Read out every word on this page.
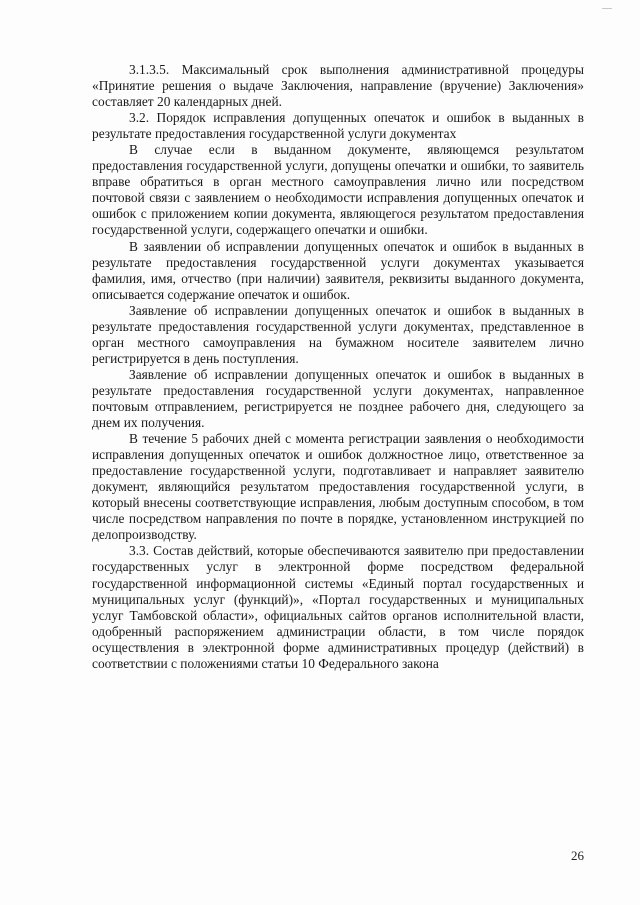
3.1.3.5. Максимальный срок выполнения административной процедуры «Принятие решения о выдаче Заключения, направление (вручение) Заключения» составляет 20 календарных дней.

3.2. Порядок исправления допущенных опечаток и ошибок в выданных в результате предоставления государственной услуги документах

В случае если в выданном документе, являющемся результатом предоставления государственной услуги, допущены опечатки и ошибки, то заявитель вправе обратиться в орган местного самоуправления лично или посредством почтовой связи с заявлением о необходимости исправления допущенных опечаток и ошибок с приложением копии документа, являющегося результатом предоставления государственной услуги, содержащего опечатки и ошибки.

В заявлении об исправлении допущенных опечаток и ошибок в выданных в результате предоставления государственной услуги документах указывается фамилия, имя, отчество (при наличии) заявителя, реквизиты выданного документа, описывается содержание опечаток и ошибок.

Заявление об исправлении допущенных опечаток и ошибок в выданных в результате предоставления государственной услуги документах, представленное в орган местного самоуправления на бумажном носителе заявителем лично регистрируется в день поступления.

Заявление об исправлении допущенных опечаток и ошибок в выданных в результате предоставления государственной услуги документах, направленное почтовым отправлением, регистрируется не позднее рабочего дня, следующего за днем их получения.

В течение 5 рабочих дней с момента регистрации заявления о необходимости исправления допущенных опечаток и ошибок должностное лицо, ответственное за предоставление государственной услуги, подготавливает и направляет заявителю документ, являющийся результатом предоставления государственной услуги, в который внесены соответствующие исправления, любым доступным способом, в том числе посредством направления по почте в порядке, установленном инструкцией по делопроизводству.

3.3. Состав действий, которые обеспечиваются заявителю при предоставлении государственных услуг в электронной форме посредством федеральной государственной информационной системы «Единый портал государственных и муниципальных услуг (функций)», «Портал государственных и муниципальных услуг Тамбовской области», официальных сайтов органов исполнительной власти, одобренный распоряжением администрации области, в том числе порядок осуществления в электронной форме административных процедур (действий) в соответствии с положениями статьи 10 Федерального закона

26
